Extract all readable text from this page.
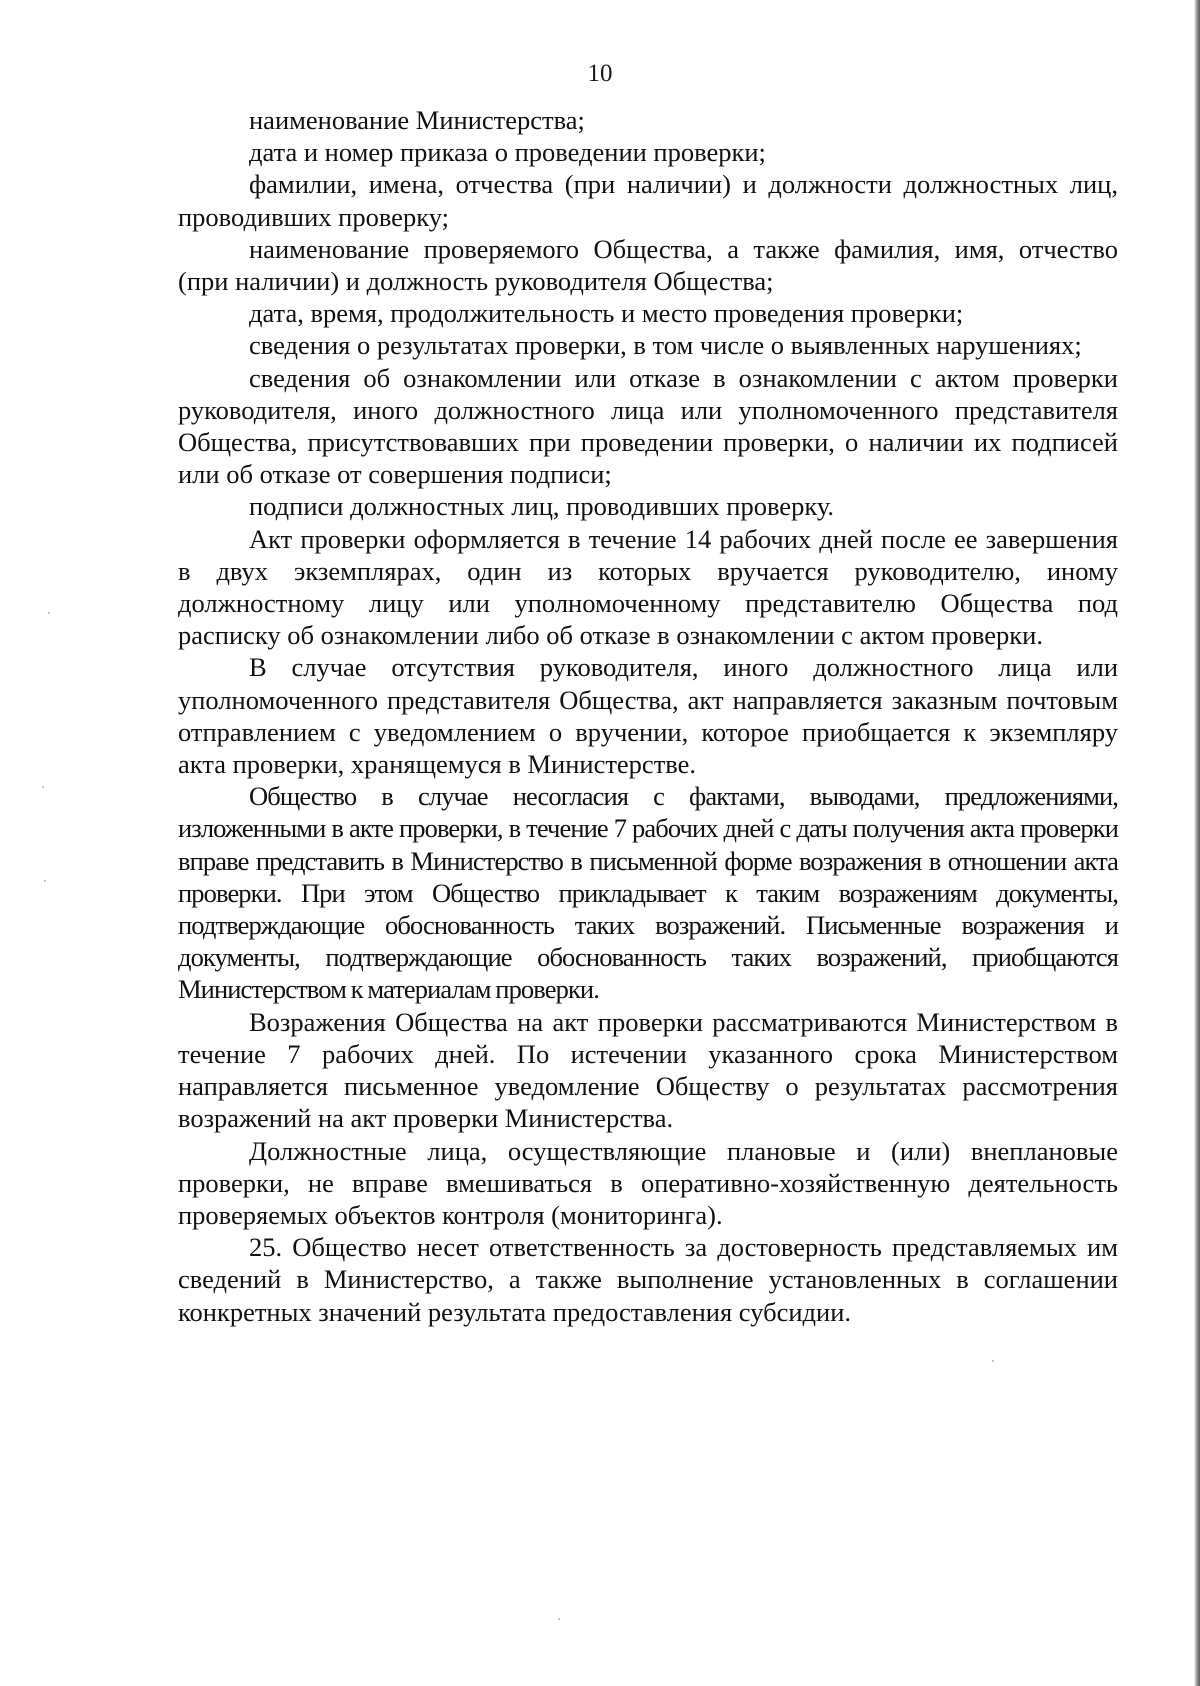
10

наименование Министерства;

дата и номер приказа о проведении проверки;

фамилии, имена, отчества (при наличии) и должности должностных лиц, проводивших проверку;

наименование проверяемого Общества, а также фамилия, имя, отчество (при наличии) и должность руководителя Общества;

дата, время, продолжительность и место проведения проверки;

сведения о результатах проверки, в том числе о выявленных нарушениях;

сведения об ознакомлении или отказе в ознакомлении с актом проверки руководителя, иного должностного лица или уполномоченного представителя Общества, присутствовавших при проведении проверки, о наличии их подписей или об отказе от совершения подписи;

подписи должностных лиц, проводивших проверку.

Акт проверки оформляется в течение 14 рабочих дней после ее завершения в двух экземплярах, один из которых вручается руководителю, иному должностному лицу или уполномоченному представителю Общества под расписку об ознакомлении либо об отказе в ознакомлении с актом проверки.

В случае отсутствия руководителя, иного должностного лица или уполномоченного представителя Общества, акт направляется заказным почтовым отправлением с уведомлением о вручении, которое приобщается к экземпляру акта проверки, хранящемуся в Министерстве.

Общество в случае несогласия с фактами, выводами, предложениями, изложенными в акте проверки, в течение 7 рабочих дней с даты получения акта проверки вправе представить в Министерство в письменной форме возражения в отношении акта проверки. При этом Общество прикладывает к таким возражениям документы, подтверждающие обоснованность таких возражений. Письменные возражения и документы, подтверждающие обоснованность таких возражений, приобщаются Министерством к материалам проверки.

Возражения Общества на акт проверки рассматриваются Министерством в течение 7 рабочих дней. По истечении указанного срока Министерством направляется письменное уведомление Обществу о результатах рассмотрения возражений на акт проверки Министерства.

Должностные лица, осуществляющие плановые и (или) внеплановые проверки, не вправе вмешиваться в оперативно-хозяйственную деятельность проверяемых объектов контроля (мониторинга).

25. Общество несет ответственность за достоверность представляемых им сведений в Министерство, а также выполнение установленных в соглашении конкретных значений результата предоставления субсидии.
